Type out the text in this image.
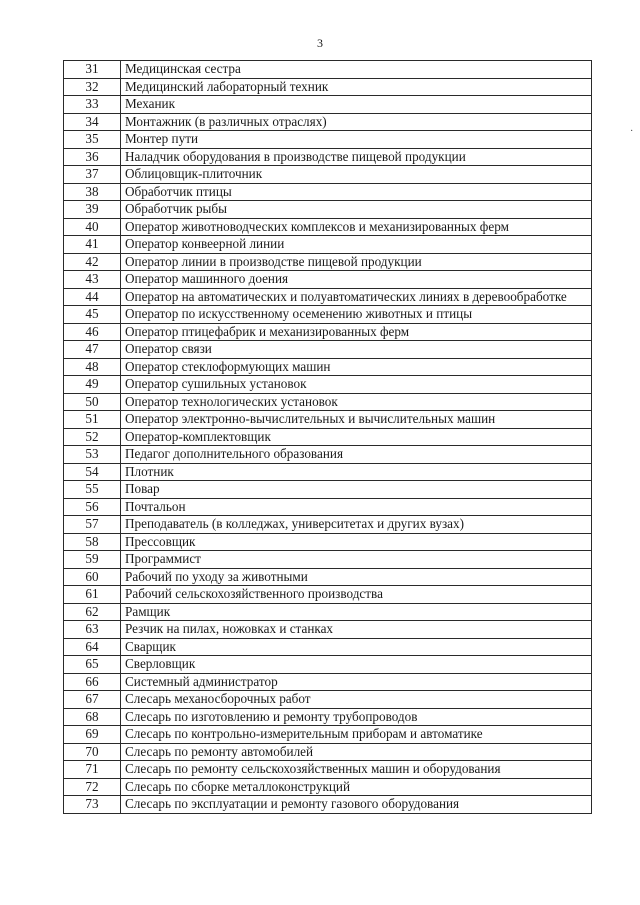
3
·
31	Медицинская сестра
32	Медицинский лабораторный техник
33	Механик
34	Монтажник (в различных отраслях)
35	Монтер пути
36	Наладчик оборудования в производстве пищевой продукции
37	Облицовщик-плиточник
38	Обработчик птицы
39	Обработчик рыбы
40	Оператор животноводческих комплексов и механизированных ферм
41	Оператор конвеерной линии
42	Оператор линии в производстве пищевой продукции
43	Оператор машинного доения
44	Оператор на автоматических и полуавтоматических линиях в деревообработке
45	Оператор по искусственному осеменению животных и птицы
46	Оператор птицефабрик и механизированных ферм
47	Оператор связи
48	Оператор стеклоформующих машин
49	Оператор сушильных установок
50	Оператор технологических установок
51	Оператор электронно-вычислительных и вычислительных машин
52	Оператор-комплектовщик
53	Педагог дополнительного образования
54	Плотник
55	Повар
56	Почтальон
57	Преподаватель (в колледжах, университетах и других вузах)
58	Прессовщик
59	Программист
60	Рабочий по уходу за животными
61	Рабочий сельскохозяйственного производства
62	Рамщик
63	Резчик на пилах, ножовках и станках
64	Сварщик
65	Сверловщик
66	Системный администратор
67	Слесарь механосборочных работ
68	Слесарь по изготовлению и ремонту трубопроводов
69	Слесарь по контрольно-измерительным приборам и автоматике
70	Слесарь по ремонту автомобилей
71	Слесарь по ремонту сельскохозяйственных машин и оборудования
72	Слесарь по сборке металлоконструкций
73	Слесарь по эксплуатации и ремонту газового оборудования
